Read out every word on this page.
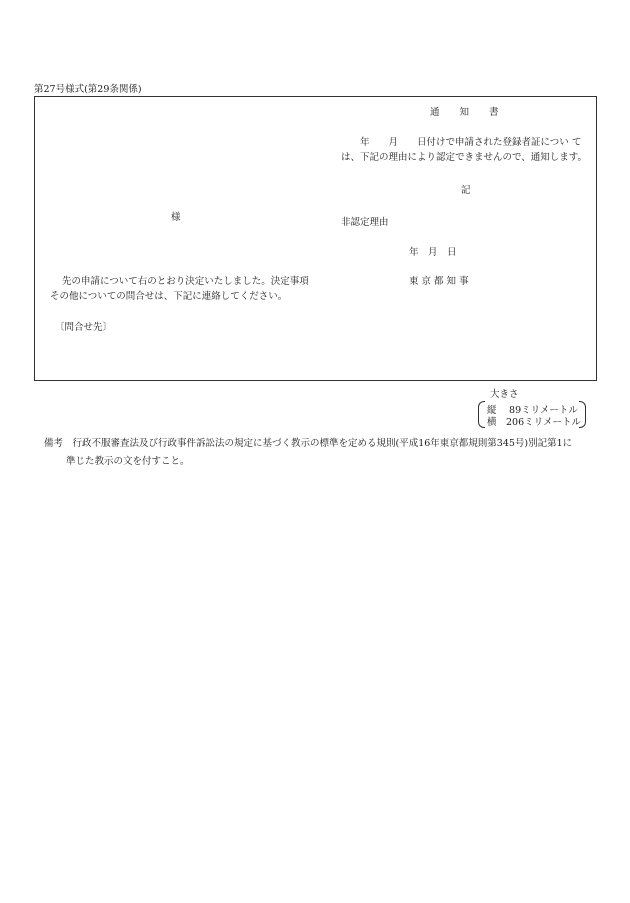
第27号様式(第29条関係)
通 知 書
年　　月　　日付けで申請された登録者証につい て
は、下記の理由により認定できませんので、通知します。
記
様	非認定理由
年　月　日
先の申請について右のとおり決定いたしました。決定事項
その他についての問合せは、下記に連絡してください。
東 京 都 知 事
〔問合せ先〕
大きさ
縦　 89ミリメートル
横　206ミリメートル
備考　行政不服審査法及び行政事件訴訟法の規定に基づく教示の標準を定める規則(平成16年東京都規則第345号)別記第1に
準じた教示の文を付すこと。
